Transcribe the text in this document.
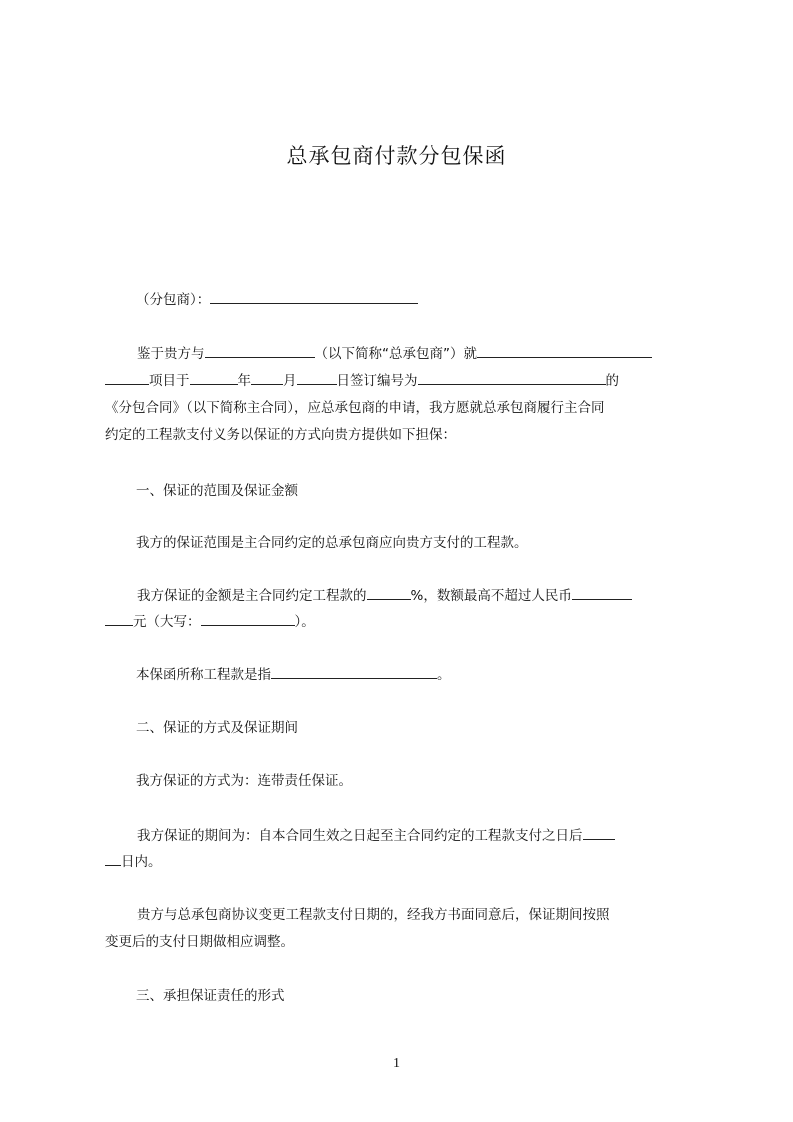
总承包商付款分包保函
（分包商）：
鉴于贵方与	（以下简称“总承包商”）就
项目于	年 月	日签订编号为	的
《分包合同》（以下简称主合同），应总承包商的申请，我方愿就总承包商履行主合同
约定的工程款支付义务以保证的方式向贵方提供如下担保：
一、保证的范围及保证金额
我方的保证范围是主合同约定的总承包商应向贵方支付的工程款。
我方保证的金额是主合同约定工程款的	%，数额最高不超过人民币
元（大写：	）。
本保函所称工程款是指	。
二、保证的方式及保证期间
我方保证的方式为：连带责任保证。
我方保证的期间为：自本合同生效之日起至主合同约定的工程款支付之日后
日内。
贵方与总承包商协议变更工程款支付日期的，经我方书面同意后，保证期间按照
变更后的支付日期做相应调整。
三、承担保证责任的形式
1
